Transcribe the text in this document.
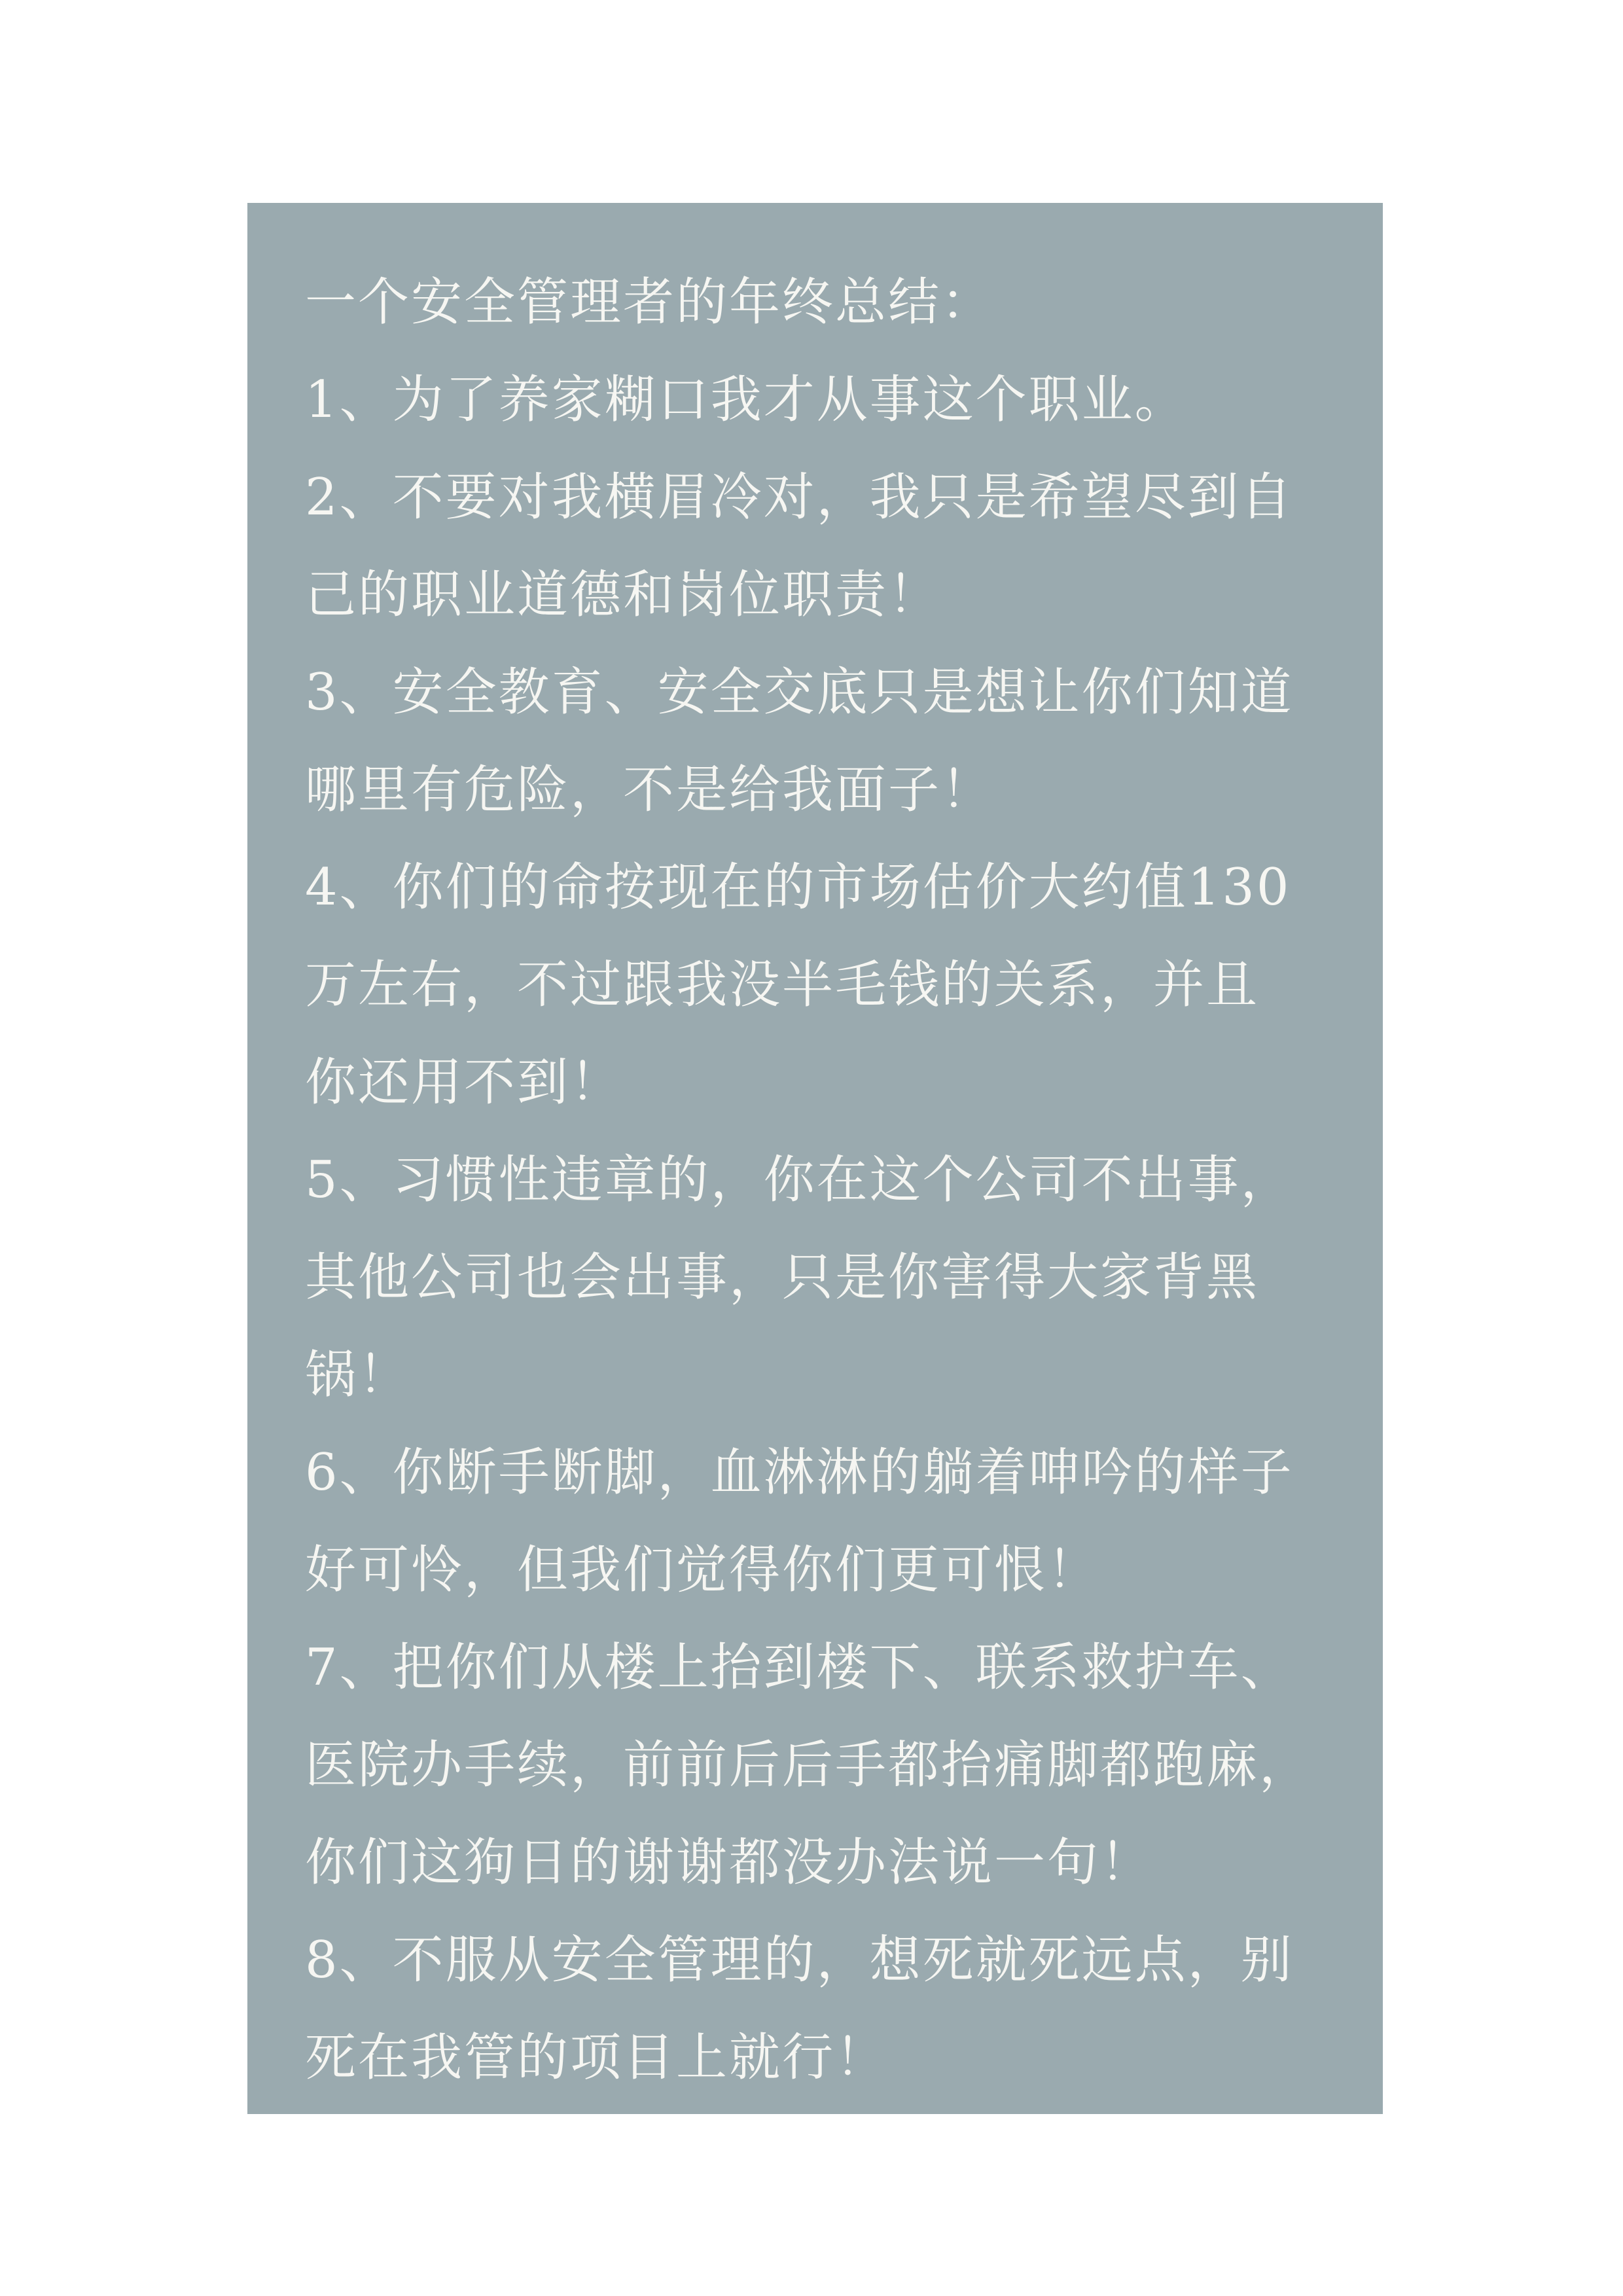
一个安全管理者的年终总结：
1、为了养家糊口我才从事这个职业。
2、不要对我横眉冷对，我只是希望尽到自
己的职业道德和岗位职责！
3、安全教育、安全交底只是想让你们知道
哪里有危险，不是给我面子！
4、你们的命按现在的市场估价大约值130
万左右，不过跟我没半毛钱的关系，并且
你还用不到！
5、习惯性违章的，你在这个公司不出事，
其他公司也会出事，只是你害得大家背黑
锅！
6、你断手断脚，血淋淋的躺着呻吟的样子
好可怜，但我们觉得你们更可恨！
7、把你们从楼上抬到楼下、联系救护车、
医院办手续，前前后后手都抬痛脚都跑麻，
你们这狗日的谢谢都没办法说一句！
8、不服从安全管理的，想死就死远点，别
死在我管的项目上就行！
